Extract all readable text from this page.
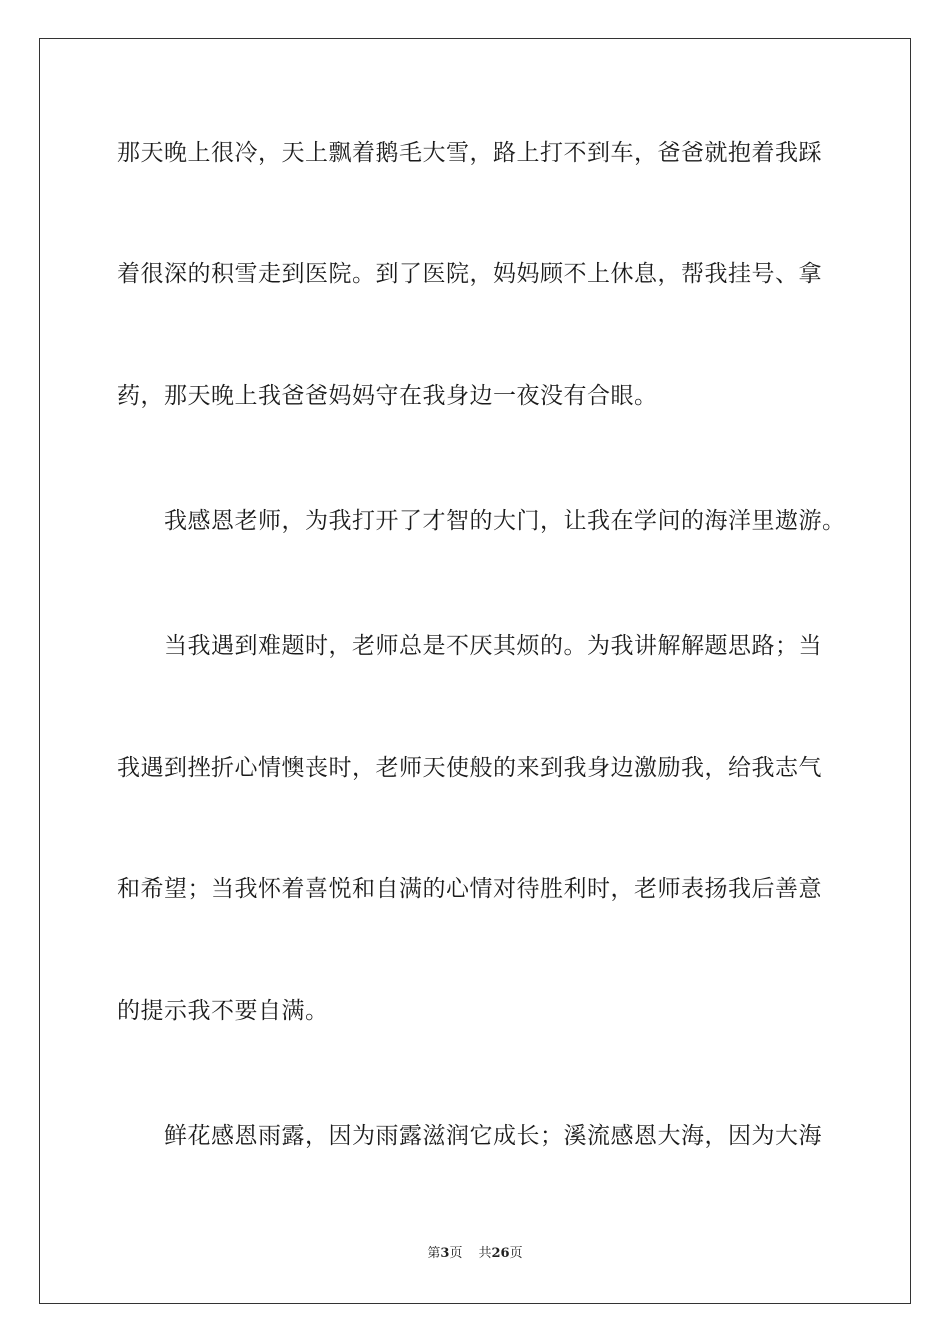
那天晚上很冷，天上飘着鹅毛大雪，路上打不到车，爸爸就抱着我踩
着很深的积雪走到医院。到了医院，妈妈顾不上休息，帮我挂号、拿
药，那天晚上我爸爸妈妈守在我身边一夜没有合眼。
我感恩老师，为我打开了才智的大门，让我在学问的海洋里遨游。
当我遇到难题时，老师总是不厌其烦的。为我讲解解题思路；当
我遇到挫折心情懊丧时，老师天使般的来到我身边激励我，给我志气
和希望；当我怀着喜悦和自满的心情对待胜利时，老师表扬我后善意
的提示我不要自满。
鲜花感恩雨露，因为雨露滋润它成长；溪流感恩大海，因为大海
第3页 共26页
